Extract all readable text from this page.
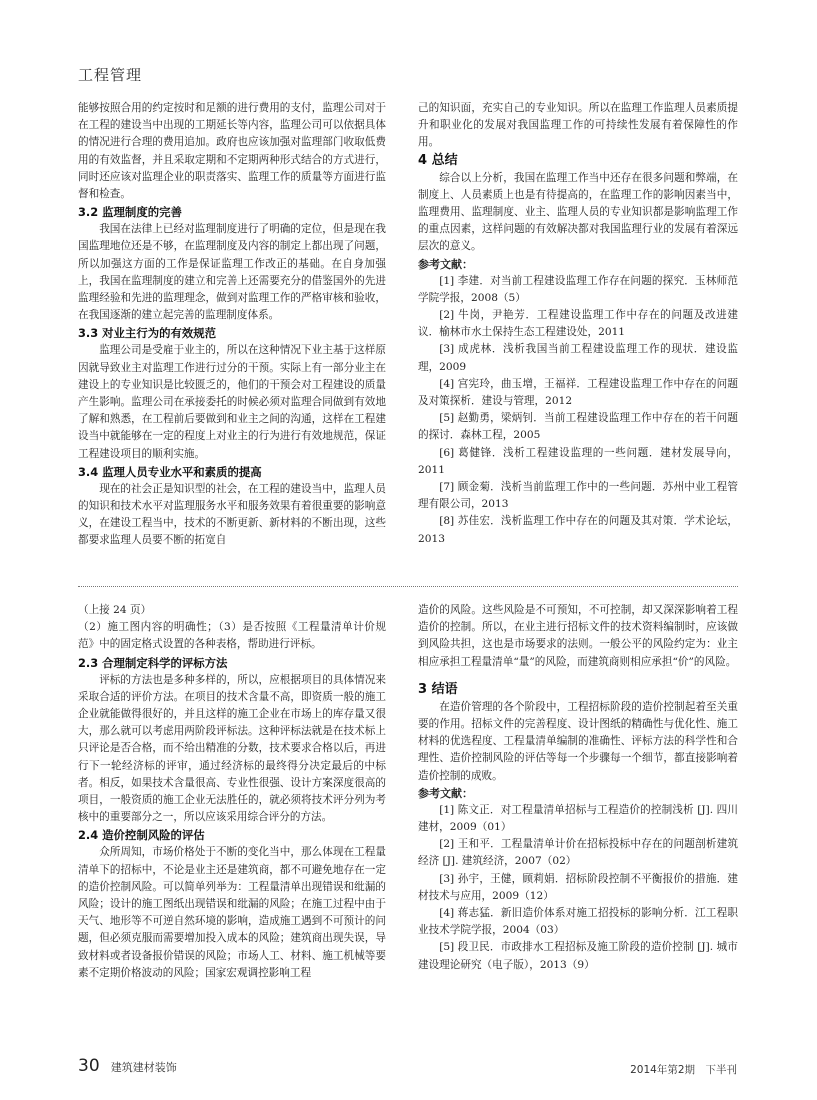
工程管理

能够按照合用的约定按时和足额的进行费用的支付，监理公司对于在工程的建设当中出现的工期延长等内容，监理公司可以依据具体的情况进行合理的费用追加。政府也应该加强对监理部门收取低费用的有效监督，并且采取定期和不定期两种形式结合的方式进行，同时还应该对监理企业的职责落实、监理工作的质量等方面进行监督和检查。

3.2 监理制度的完善

我国在法律上已经对监理制度进行了明确的定位，但是现在我国监理地位还是不够，在监理制度及内容的制定上都出现了问题，所以加强这方面的工作是保证监理工作改正的基础。在自身加强上，我国在监理制度的建立和完善上还需要充分的借鉴国外的先进监理经验和先进的监理理念，做到对监理工作的严格审核和验收，在我国逐渐的建立起完善的监理制度体系。

3.3 对业主行为的有效规范

监理公司是受雇于业主的，所以在这种情况下业主基于这样原因就导致业主对监理工作进行过分的干预。实际上有一部分业主在建设上的专业知识是比较匮乏的，他们的干预会对工程建设的质量产生影响。监理公司在承接委托的时候必须对监理合同做到有效地了解和熟悉，在工程前后要做到和业主之间的沟通，这样在工程建设当中就能够在一定的程度上对业主的行为进行有效地规范，保证工程建设项目的顺利实施。

3.4 监理人员专业水平和素质的提高

现在的社会正是知识型的社会，在工程的建设当中，监理人员的知识和技术水平对监理服务水平和服务效果有着很重要的影响意义，在建设工程当中，技术的不断更新、新材料的不断出现，这些都要求监理人员要不断的拓宽自

己的知识面，充实自己的专业知识。所以在监理工作监理人员素质提升和职业化的发展对我国监理工作的可持续性发展有着保障性的作用。

4 总结

综合以上分析，我国在监理工作当中还存在很多问题和弊端，在制度上、人员素质上也是有待提高的，在监理工作的影响因素当中，监理费用、监理制度、业主、监理人员的专业知识都是影响监理工作的重点因素，这样问题的有效解决都对我国监理行业的发展有着深远层次的意义。

参考文献：

[1] 李建．对当前工程建设监理工作存在问题的探究．玉林师范学院学报，2008（5）

[2] 牛岗，尹艳芳．工程建设监理工作中存在的问题及改进建议．榆林市水土保持生态工程建设处，2011

[3] 成虎林．浅析我国当前工程建设监理工作的现状．建设监理，2009

[4] 宫宪玲，曲玉增，王福祥．工程建设监理工作中存在的问题及对策探析．建设与管理，2012

[5] 赵勤勇，梁炳钊．当前工程建设监理工作中存在的若干问题的探讨．森林工程，2005

[6] 葛健锋．浅析工程建设监理的一些问题．建材发展导向，2011

[7] 顾金菊．浅析当前监理工作中的一些问题．苏州中业工程管理有限公司，2013

[8] 苏佳宏．浅析监理工作中存在的问题及其对策．学术论坛，2013

（上接 24 页）

（2）施工图内容的明确性；（3）是否按照《工程量清单计价规范》中的固定格式设置的各种表格，帮助进行评标。

2.3 合理制定科学的评标方法

评标的方法也是多种多样的，所以，应根据项目的具体情况来采取合适的评价方法。在项目的技术含量不高，即资质一般的施工企业就能做得很好的，并且这样的施工企业在市场上的库存量又很大，那么就可以考虑用两阶段评标法。这种评标法就是在技术标上只评论是否合格，而不给出精准的分数，技术要求合格以后，再进行下一轮经济标的评审，通过经济标的最终得分决定最后的中标者。相反，如果技术含量很高、专业性很强、设计方案深度很高的项目，一般资质的施工企业无法胜任的，就必须将技术评分列为考核中的重要部分之一，所以应该采用综合评分的方法。

2.4 造价控制风险的评估

众所周知，市场价格处于不断的变化当中，那么体现在工程量清单下的招标中，不论是业主还是建筑商，都不可避免地存在一定的造价控制风险。可以简单列举为：工程量清单出现错误和纰漏的风险；设计的施工图纸出现错误和纰漏的风险；在施工过程中由于天气、地形等不可逆自然环境的影响，造成施工遇到不可预计的问题，但必须克服而需要增加投入成本的风险；建筑商出现失误，导致材料或者设备报价错误的风险；市场人工、材料、施工机械等要素不定期价格波动的风险；国家宏观调控影响工程

造价的风险。这些风险是不可预知，不可控制，却又深深影响着工程造价的控制。所以，在业主进行招标文件的技术资料编制时，应该做到风险共担，这也是市场要求的法则。一般公平的风险约定为：业主相应承担工程量清单“量”的风险，而建筑商则相应承担“价”的风险。

3 结语

在造价管理的各个阶段中，工程招标阶段的造价控制起着至关重要的作用。招标文件的完善程度、设计图纸的精确性与优化性、施工材料的优选程度、工程量清单编制的准确性、评标方法的科学性和合理性、造价控制风险的评估等每一个步骤每一个细节，都直接影响着造价控制的成败。

参考文献：

[1] 陈文正．对工程量清单招标与工程造价的控制浅析 [J]. 四川建材，2009（01）

[2] 王和平．工程量清单计价在招标投标中存在的问题剖析建筑经济 [J]. 建筑经济，2007（02）

[3] 孙宇，王健，顾莉娟．招标阶段控制不平衡报价的措施．建材技术与应用，2009（12）

[4] 蒋志猛．新旧造价体系对施工招投标的影响分析．江工程职业技术学院学报，2004（03）

[5] 段卫民．市政排水工程招标及施工阶段的造价控制 [J]. 城市建设理论研究（电子版），2013（9）

30 建筑建材装饰	2014年第2期　下半刊
